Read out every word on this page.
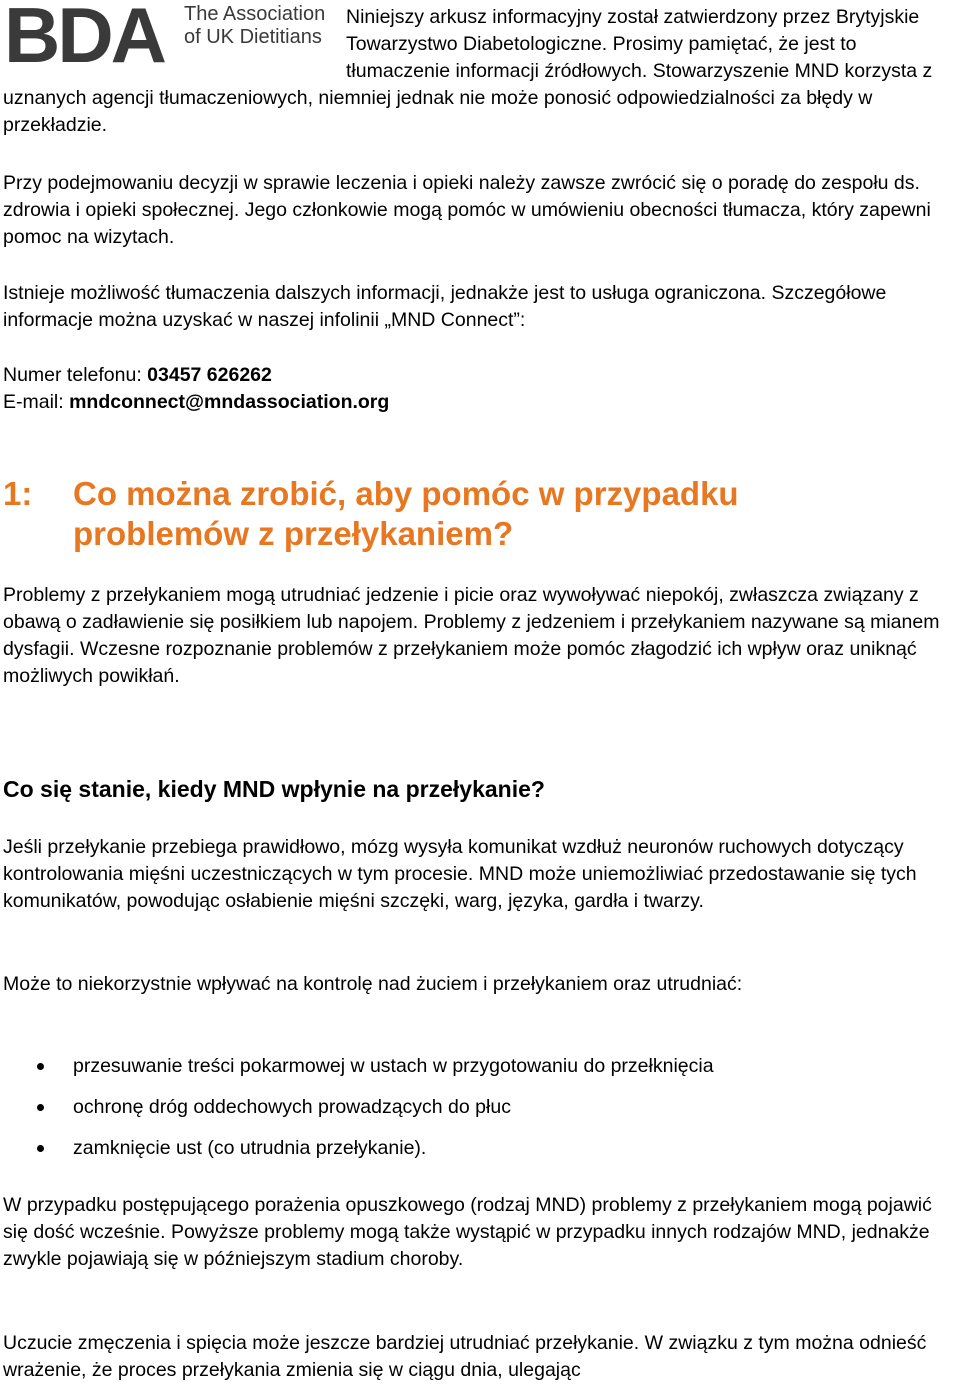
BDA The Association
of UK Dietitians

Niniejszy arkusz informacyjny został zatwierdzony przez Brytyjskie Towarzystwo Diabetologiczne. Prosimy pamiętać, że jest to tłumaczenie informacji źródłowych. Stowarzyszenie MND korzysta z uznanych agencji tłumaczeniowych, niemniej jednak nie może ponosić odpowiedzialności za błędy w przekładzie.

Przy podejmowaniu decyzji w sprawie leczenia i opieki należy zawsze zwrócić się o poradę do zespołu ds. zdrowia i opieki społecznej. Jego członkowie mogą pomóc w umówieniu obecności tłumacza, który zapewni pomoc na wizytach.

Istnieje możliwość tłumaczenia dalszych informacji, jednakże jest to usługa ograniczona. Szczegółowe informacje można uzyskać w naszej infolinii „MND Connect”:

Numer telefonu: 03457 626262
E-mail: mndconnect@mndassociation.org
1: Co można zrobić, aby pomóc w przypadku
problemów z przełykaniem?

Problemy z przełykaniem mogą utrudniać jedzenie i picie oraz wywoływać niepokój, zwłaszcza związany z obawą o zadławienie się posiłkiem lub napojem. Problemy z jedzeniem i przełykaniem nazywane są mianem dysfagii. Wczesne rozpoznanie problemów z przełykaniem może pomóc złagodzić ich wpływ oraz uniknąć możliwych powikłań.

Co się stanie, kiedy MND wpłynie na przełykanie?

Jeśli przełykanie przebiega prawidłowo, mózg wysyła komunikat wzdłuż neuronów ruchowych dotyczący kontrolowania mięśni uczestniczących w tym procesie. MND może uniemożliwiać przedostawanie się tych komunikatów, powodując osłabienie mięśni szczęki, warg, języka, gardła i twarzy.

Może to niekorzystnie wpływać na kontrolę nad żuciem i przełykaniem oraz utrudniać:

przesuwanie treści pokarmowej w ustach w przygotowaniu do przełknięcia
ochronę dróg oddechowych prowadzących do płuc
zamknięcie ust (co utrudnia przełykanie).

W przypadku postępującego porażenia opuszkowego (rodzaj MND) problemy z przełykaniem mogą pojawić się dość wcześnie. Powyższe problemy mogą także wystąpić w przypadku innych rodzajów MND, jednakże zwykle pojawiają się w późniejszym stadium choroby.

Uczucie zmęczenia i spięcia może jeszcze bardziej utrudniać przełykanie. W związku z tym można odnieść wrażenie, że proces przełykania zmienia się w ciągu dnia, ulegając
